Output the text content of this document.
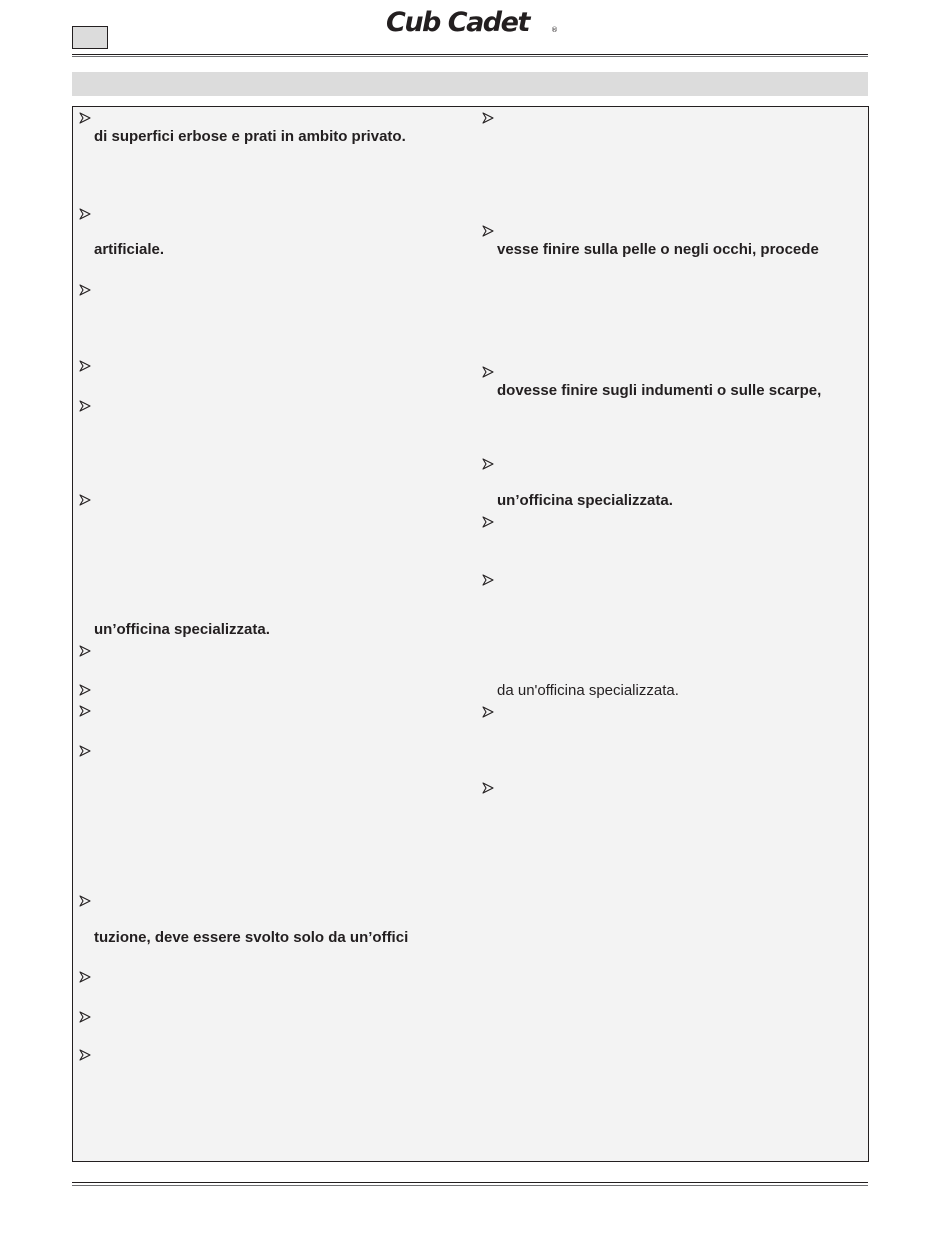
Cub Cadet	®
di superfici erbose e prati in ambito privato.
artificiale.
un’officina specializzata.
tuzione, deve essere svolto solo da un’offici
vesse finire sulla pelle o negli occhi, procede
dovesse finire sugli indumenti o sulle scarpe,
un’officina specializzata.
da un'officina specializzata.
